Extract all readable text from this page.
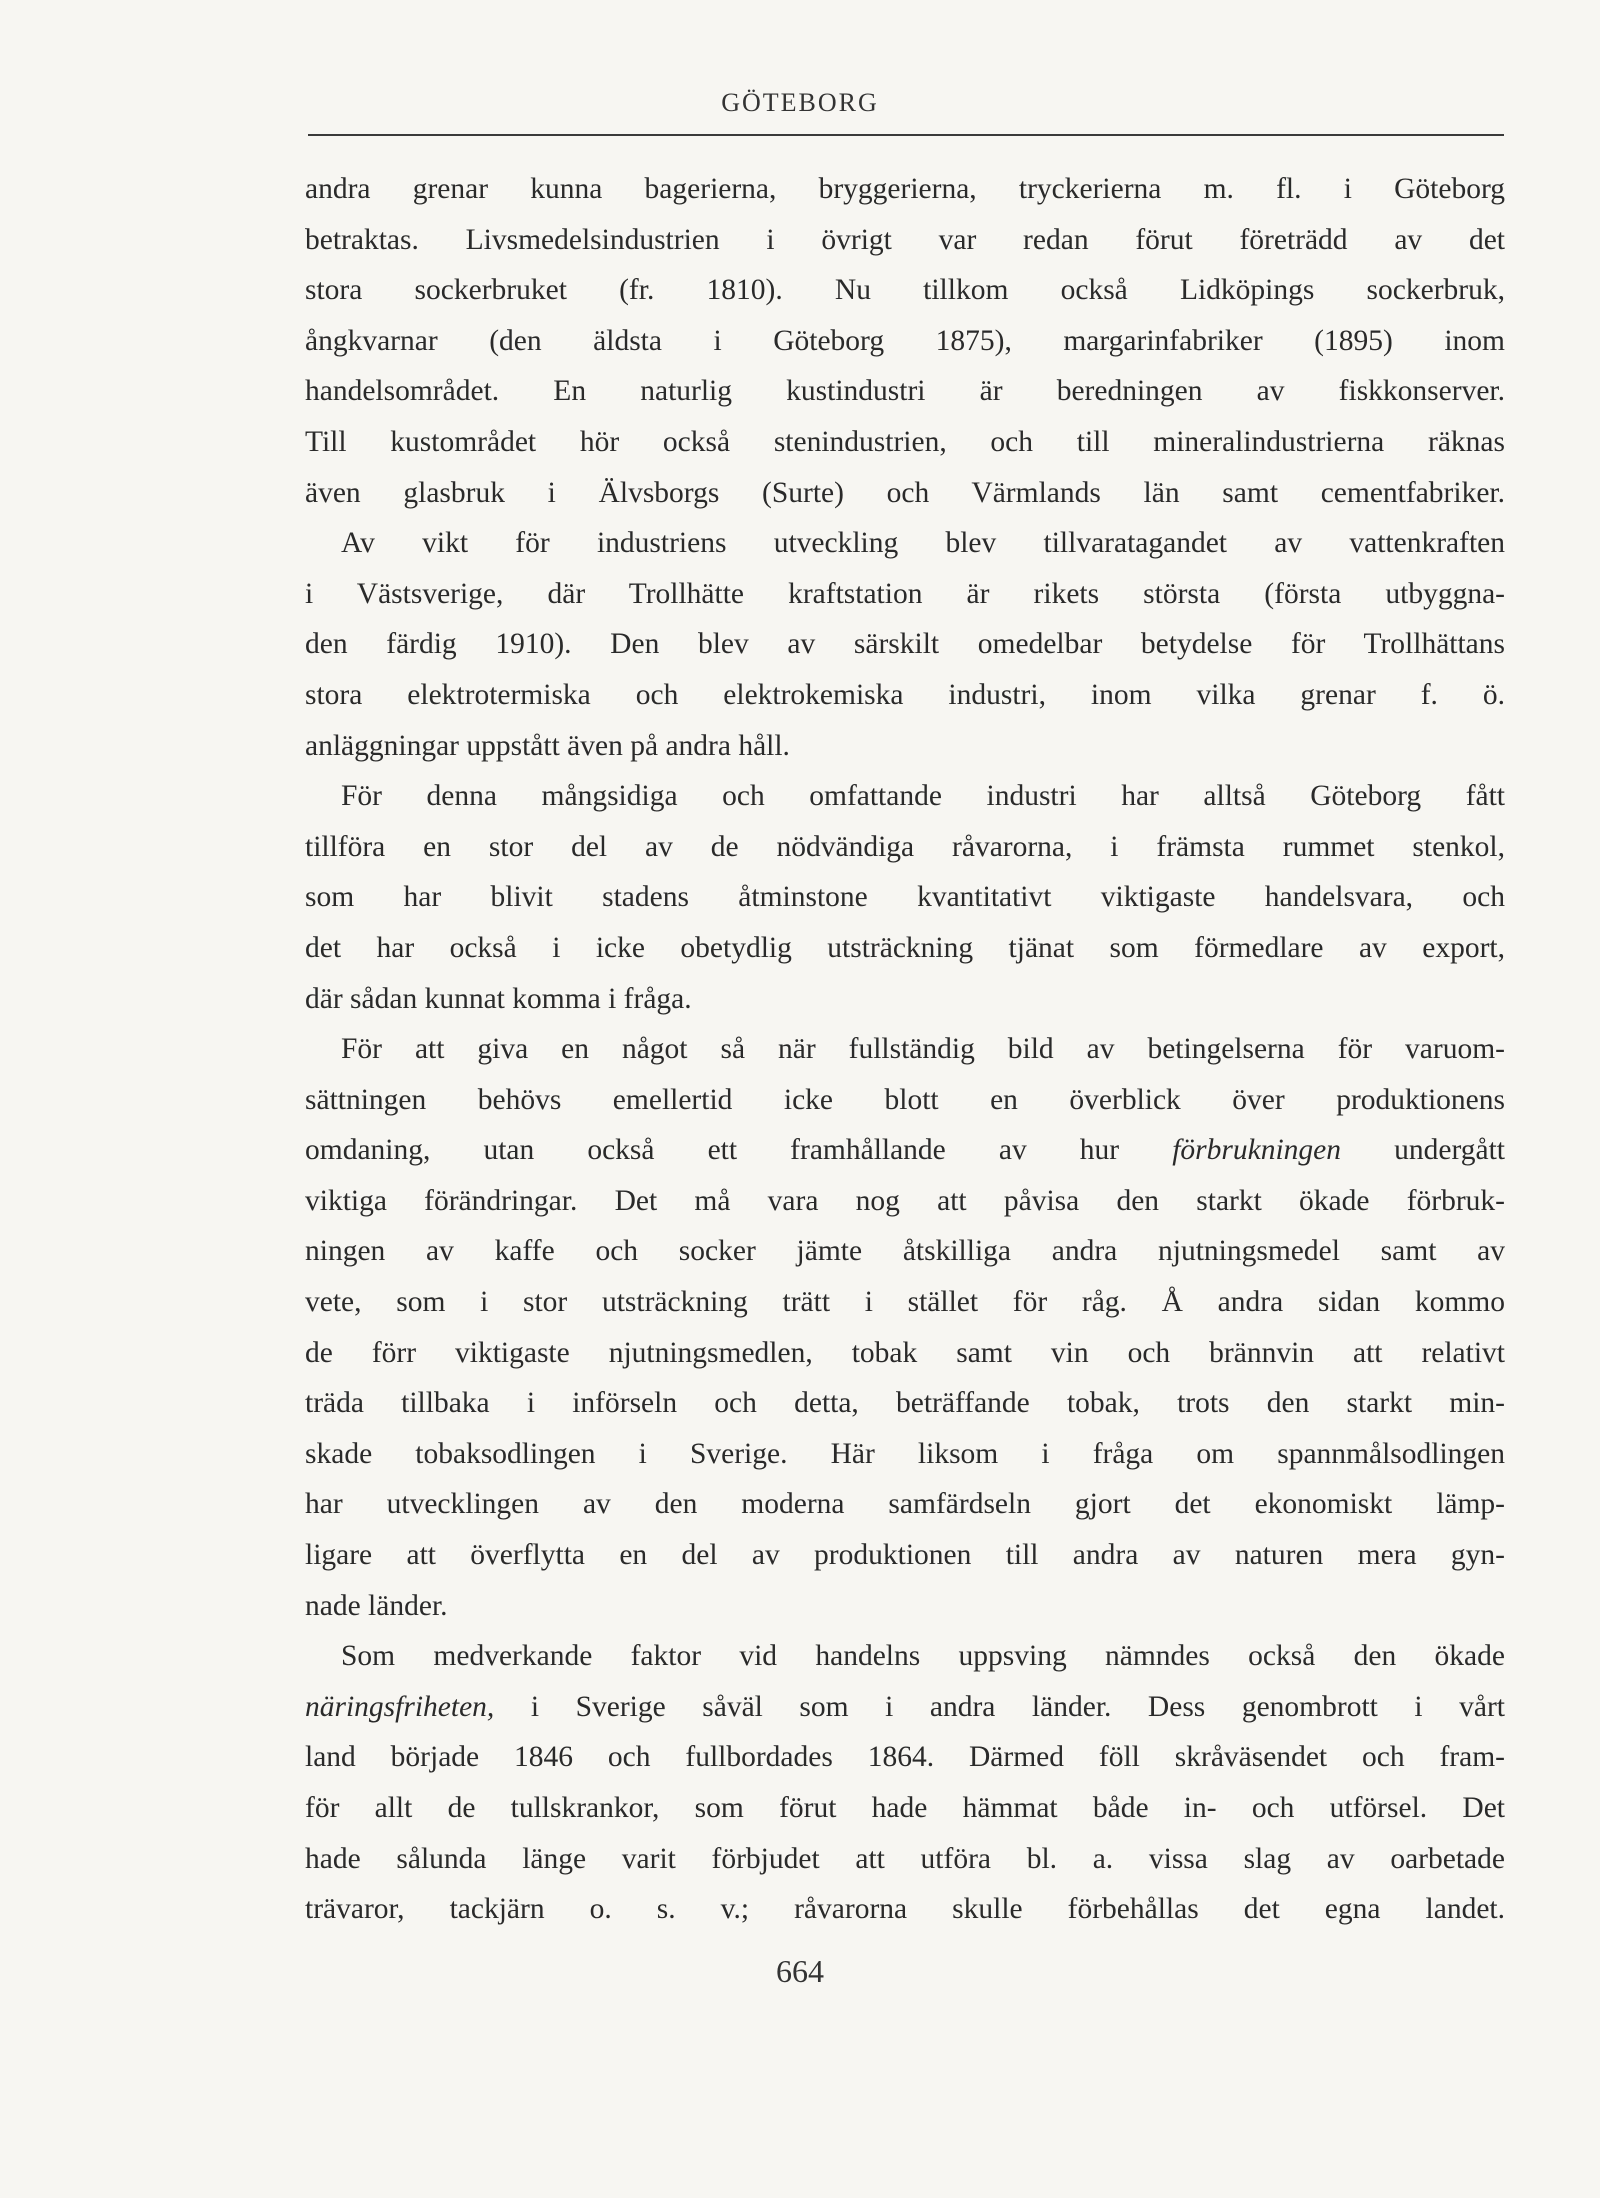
GÖTEBORG
andra grenar kunna bagerierna, bryggerierna, tryckerierna m. fl. i Göteborg
betraktas. Livsmedelsindustrien i övrigt var redan förut företrädd av det
stora sockerbruket (fr. 1810). Nu tillkom också Lidköpings sockerbruk,
ångkvarnar (den äldsta i Göteborg 1875), margarinfabriker (1895) inom
handelsområdet. En naturlig kustindustri är beredningen av fiskkonserver.
Till kustområdet hör också stenindustrien, och till mineralindustrierna räknas
även glasbruk i Älvsborgs (Surte) och Värmlands län samt cementfabriker.
Av vikt för industriens utveckling blev tillvaratagandet av vattenkraften
i Västsverige, där Trollhätte kraftstation är rikets största (första utbyggna-
den färdig 1910). Den blev av särskilt omedelbar betydelse för Trollhättans
stora elektrotermiska och elektrokemiska industri, inom vilka grenar f. ö.
anläggningar uppstått även på andra håll.
För denna mångsidiga och omfattande industri har alltså Göteborg fått
tillföra en stor del av de nödvändiga råvarorna, i främsta rummet stenkol,
som har blivit stadens åtminstone kvantitativt viktigaste handelsvara, och
det har också i icke obetydlig utsträckning tjänat som förmedlare av export,
där sådan kunnat komma i fråga.
För att giva en något så när fullständig bild av betingelserna för varuom-
sättningen behövs emellertid icke blott en överblick över produktionens
omdaning, utan också ett framhållande av hur förbrukningen undergått
viktiga förändringar. Det må vara nog att påvisa den starkt ökade förbruk-
ningen av kaffe och socker jämte åtskilliga andra njutningsmedel samt av
vete, som i stor utsträckning trätt i stället för råg. Å andra sidan kommo
de förr viktigaste njutningsmedlen, tobak samt vin och brännvin att relativt
träda tillbaka i införseln och detta, beträffande tobak, trots den starkt min-
skade tobaksodlingen i Sverige. Här liksom i fråga om spannmålsodlingen
har utvecklingen av den moderna samfärdseln gjort det ekonomiskt lämp-
ligare att överflytta en del av produktionen till andra av naturen mera gyn-
nade länder.
Som medverkande faktor vid handelns uppsving nämndes också den ökade
näringsfriheten, i Sverige såväl som i andra länder. Dess genombrott i vårt
land började 1846 och fullbordades 1864. Därmed föll skråväsendet och fram-
för allt de tullskrankor, som förut hade hämmat både in- och utförsel. Det
hade sålunda länge varit förbjudet att utföra bl. a. vissa slag av oarbetade
trävaror, tackjärn o. s. v.; råvarorna skulle förbehållas det egna landet.
664
